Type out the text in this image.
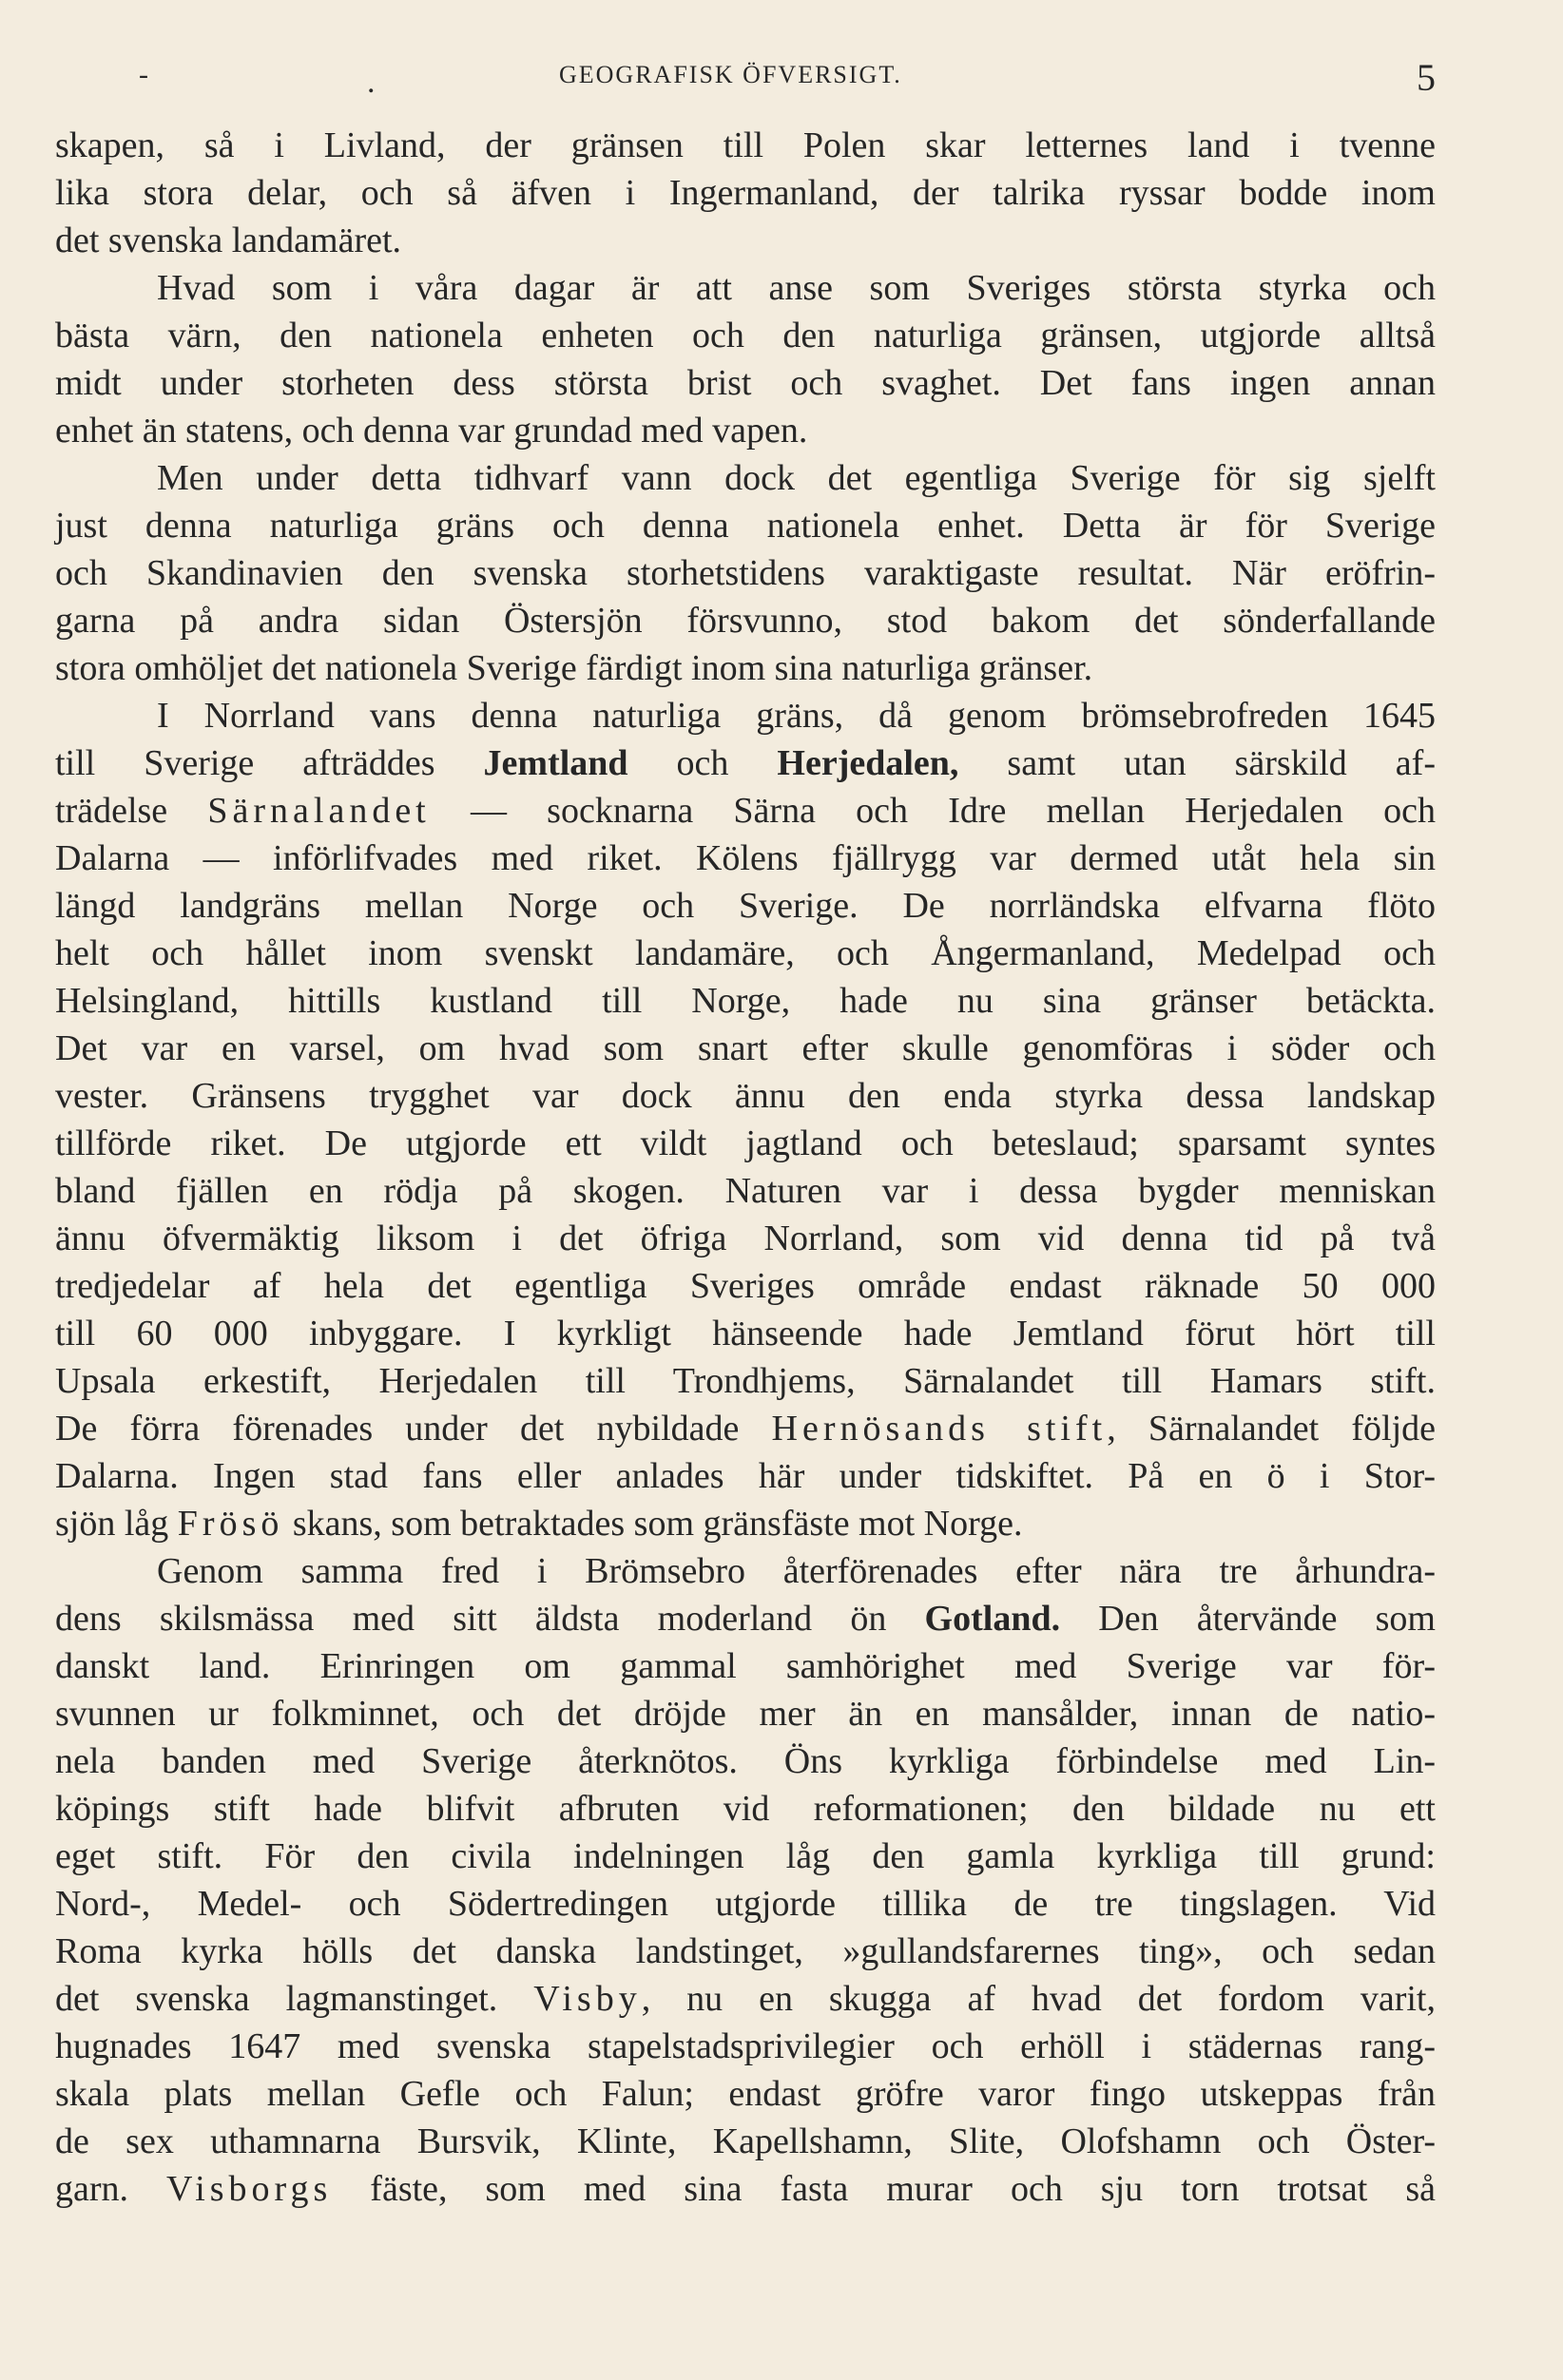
-	.	GEOGRAFISK ÖFVERSIGT.	5
skapen, så i Livland, der gränsen till Polen skar letternes land i tvenne
lika stora delar, och så äfven i Ingermanland, der talrika ryssar bodde inom
det svenska landamäret.
Hvad som i våra dagar är att anse som Sveriges största styrka och
bästa värn, den nationela enheten och den naturliga gränsen, utgjorde alltså
midt under storheten dess största brist och svaghet. Det fans ingen annan
enhet än statens, och denna var grundad med vapen.
Men under detta tidhvarf vann dock det egentliga Sverige för sig sjelft
just denna naturliga gräns och denna nationela enhet. Detta är för Sverige
och Skandinavien den svenska storhetstidens varaktigaste resultat. När eröfrin-
garna på andra sidan Östersjön försvunno, stod bakom det sönderfallande
stora omhöljet det nationela Sverige färdigt inom sina naturliga gränser.
I Norrland vans denna naturliga gräns, då genom brömsebrofreden 1645
till Sverige afträddes Jemtland och Herjedalen, samt utan särskild af-
trädelse Särnalandet — socknarna Särna och Idre mellan Herjedalen och
Dalarna — införlifvades med riket. Kölens fjällrygg var dermed utåt hela sin
längd landgräns mellan Norge och Sverige. De norrländska elfvarna flöto
helt och hållet inom svenskt landamäre, och Ångermanland, Medelpad och
Helsingland, hittills kustland till Norge, hade nu sina gränser betäckta.
Det var en varsel, om hvad som snart efter skulle genomföras i söder och
vester. Gränsens trygghet var dock ännu den enda styrka dessa landskap
tillförde riket. De utgjorde ett vildt jagtland och beteslaud; sparsamt syntes
bland fjällen en rödja på skogen. Naturen var i dessa bygder menniskan
ännu öfvermäktig liksom i det öfriga Norrland, som vid denna tid på två
tredjedelar af hela det egentliga Sveriges område endast räknade 50 000
till 60 000 inbyggare. I kyrkligt hänseende hade Jemtland förut hört till
Upsala erkestift, Herjedalen till Trondhjems, Särnalandet till Hamars stift.
De förra förenades under det nybildade Hernösands stift, Särnalandet följde
Dalarna. Ingen stad fans eller anlades här under tidskiftet. På en ö i Stor-
sjön låg Frösö skans, som betraktades som gränsfäste mot Norge.
Genom samma fred i Brömsebro återförenades efter nära tre århundra-
dens skilsmässa med sitt äldsta moderland ön Gotland. Den återvände som
danskt land. Erinringen om gammal samhörighet med Sverige var för-
svunnen ur folkminnet, och det dröjde mer än en mansålder, innan de natio-
nela banden med Sverige återknötos. Öns kyrkliga förbindelse med Lin-
köpings stift hade blifvit afbruten vid reformationen; den bildade nu ett
eget stift. För den civila indelningen låg den gamla kyrkliga till grund:
Nord-, Medel- och Södertredingen utgjorde tillika de tre tingslagen. Vid
Roma kyrka hölls det danska landstinget, »gullandsfarernes ting», och sedan
det svenska lagmanstinget. Visby, nu en skugga af hvad det fordom varit,
hugnades 1647 med svenska stapelstadsprivilegier och erhöll i städernas rang-
skala plats mellan Gefle och Falun; endast gröfre varor fingo utskeppas från
de sex uthamnarna Bursvik, Klinte, Kapellshamn, Slite, Olofshamn och Öster-
garn. Visborgs fäste, som med sina fasta murar och sju torn trotsat så
